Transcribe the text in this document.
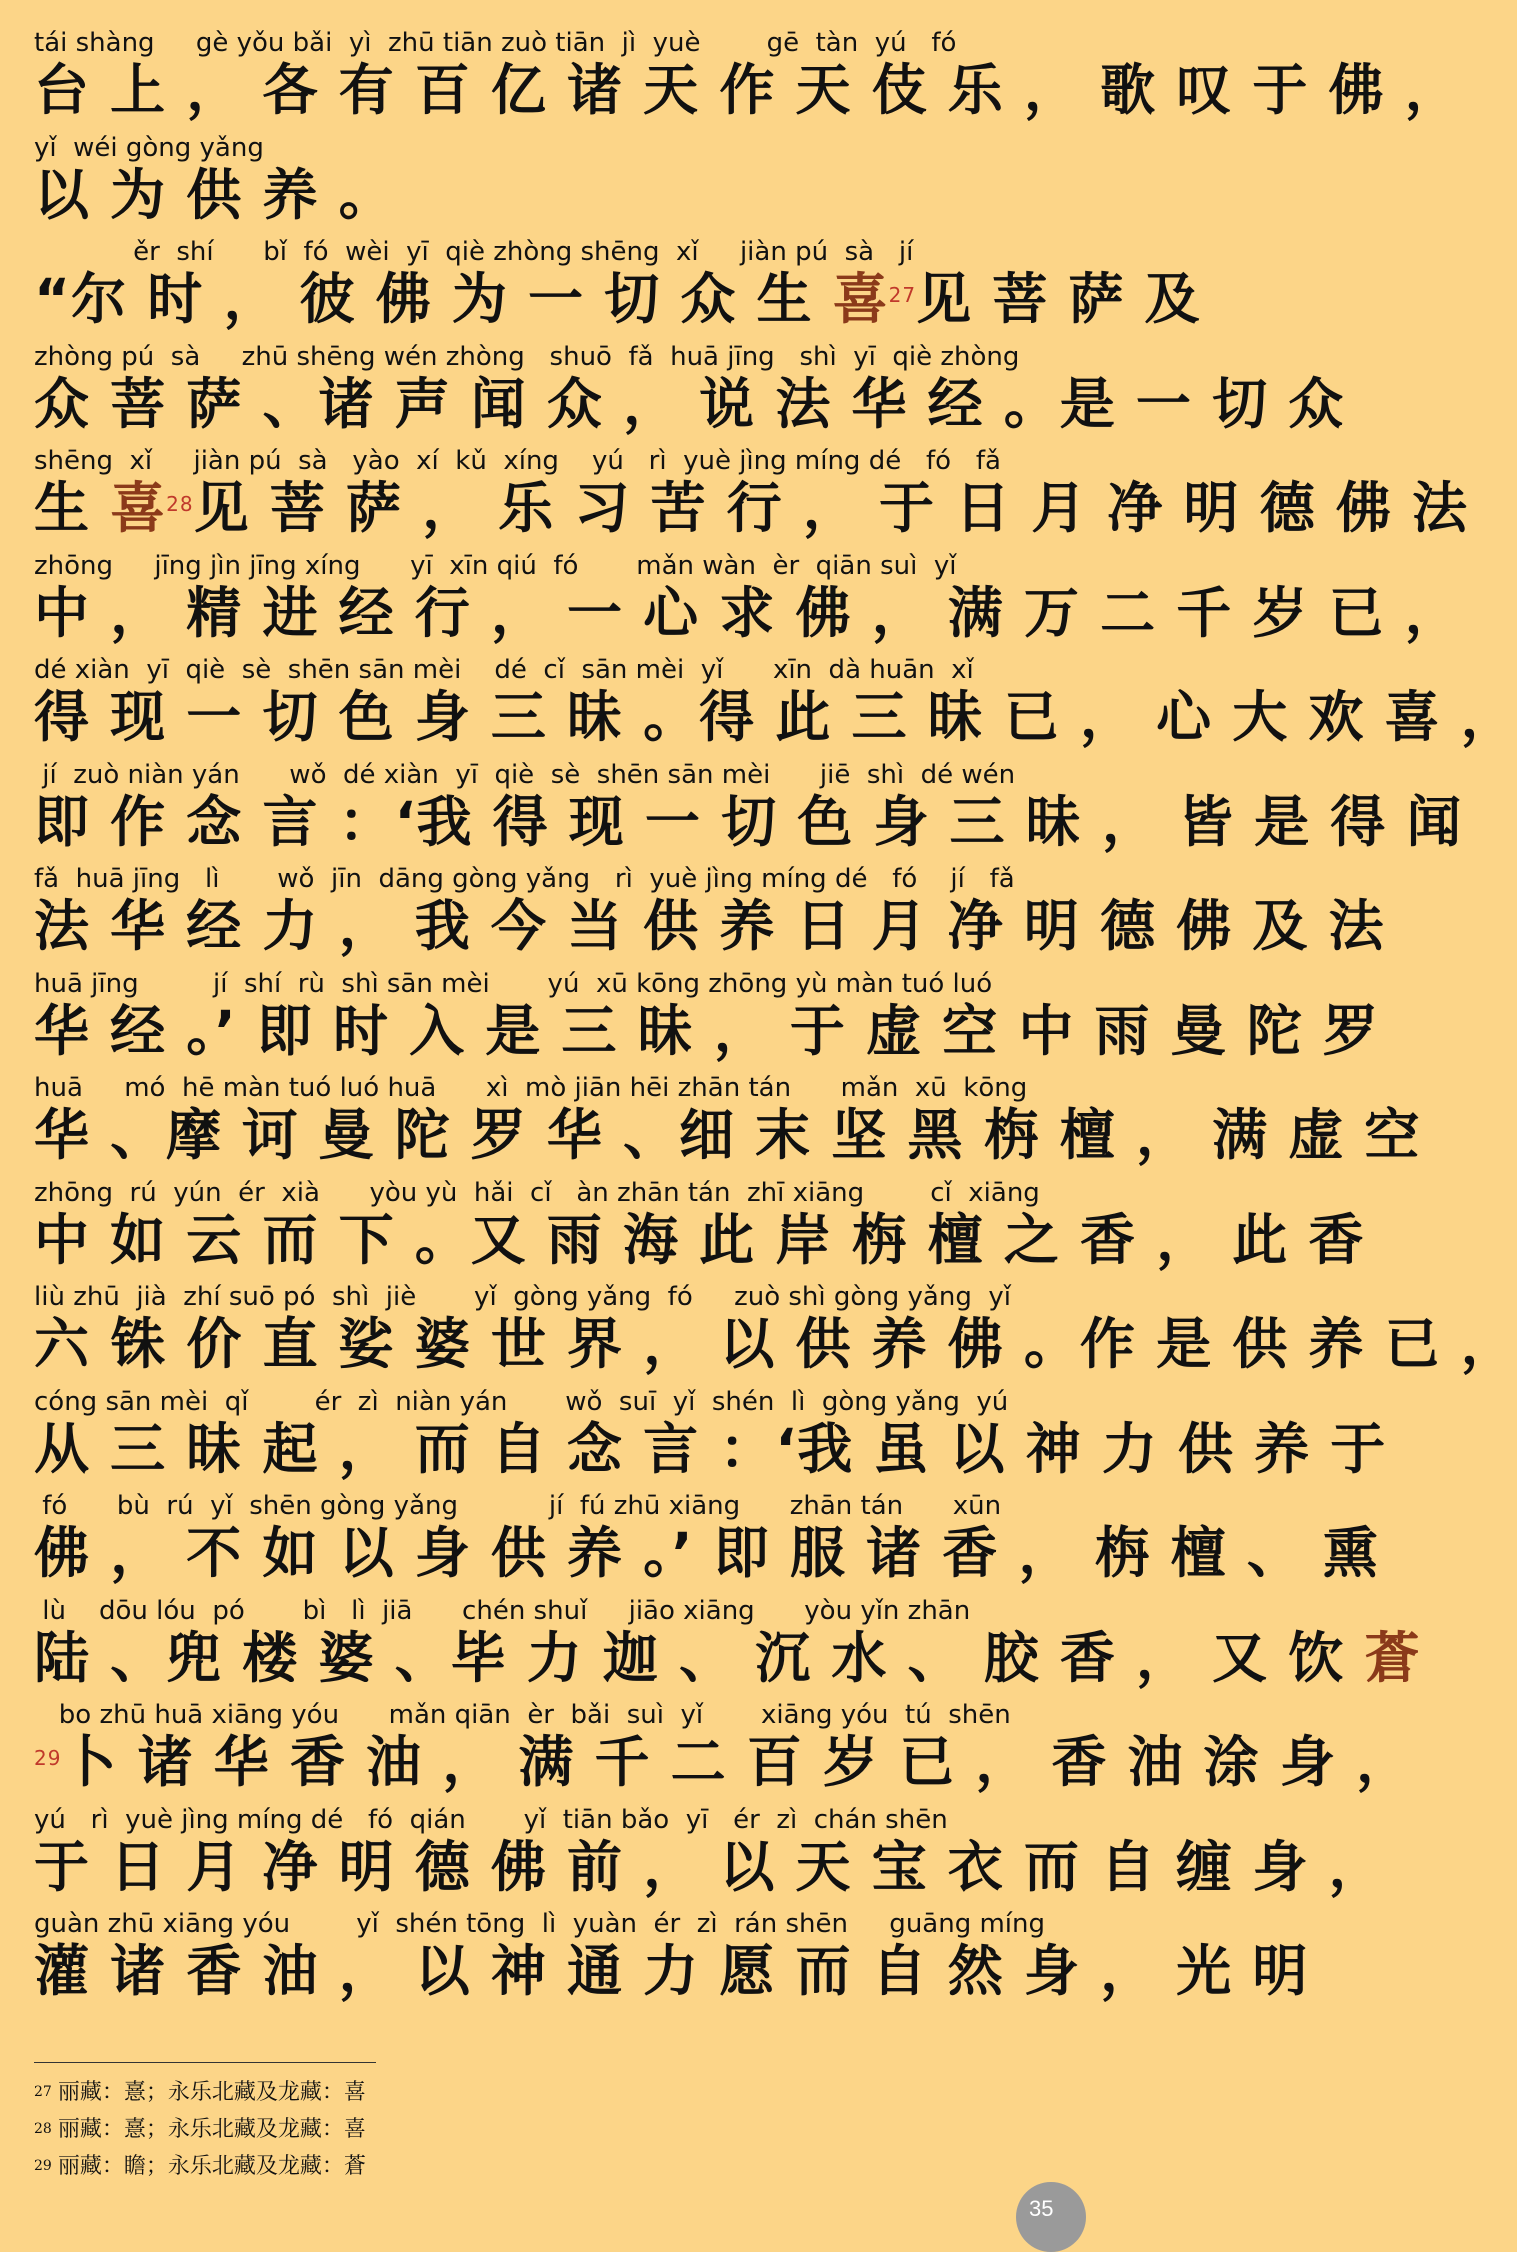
tái shàng     gè yǒu bǎi  yì  zhū tiān zuò tiān  jì  yuè        gē  tàn  yú   fó
台 上 ， 各 有 百 亿 诸 天 作 天 伎 乐 ， 歌 叹 于 佛 ，
yǐ  wéi gòng yǎng
以 为 供 养 。
ěr  shí      bǐ  fó  wèi  yī  qiè zhòng shēng  xǐ     jiàn pú  sà   jí
“尔 时 ， 彼 佛 为 一 切 众 生 喜$^{27}$见 菩 萨 及
zhòng pú  sà     zhū shēng wén zhòng   shuō  fǎ  huā jīng   shì  yī  qiè zhòng
众 菩 萨 、诸 声 闻 众 ， 说 法 华 经 。是 一 切 众
shēng  xǐ     jiàn pú  sà   yào  xí  kǔ  xíng    yú   rì  yuè jìng míng dé   fó   fǎ
生 喜$^{28}$见 菩 萨 ， 乐 习 苦 行 ， 于 日 月 净 明 德 佛 法
zhōng     jīng jìn jīng xíng      yī  xīn qiú  fó       mǎn wàn  èr  qiān suì  yǐ
中 ， 精 进 经 行 ， 一 心 求 佛 ， 满 万 二 千 岁 已 ，
dé xiàn  yī  qiè  sè  shēn sān mèi    dé  cǐ  sān mèi  yǐ      xīn  dà huān  xǐ
得 现 一 切 色 身 三 昧 。得 此 三 昧 已 ， 心 大 欢 喜 ，
jí  zuò niàn yán      wǒ  dé xiàn  yī  qiè  sè  shēn sān mèi      jiē  shì  dé wén
即 作 念 言 ：‘我 得 现 一 切 色 身 三 昧 ， 皆 是 得 闻
fǎ  huā jīng   lì       wǒ  jīn  dāng gòng yǎng   rì  yuè jìng míng dé   fó    jí   fǎ
法 华 经 力 ， 我 今 当 供 养 日 月 净 明 德 佛 及 法
huā jīng         jí  shí  rù  shì sān mèi       yú  xū kōng zhōng yù màn tuó luó
华 经 。’ 即 时 入 是 三 昧 ， 于 虚 空 中 雨 曼 陀 罗
huā     mó  hē màn tuó luó huā      xì  mò jiān hēi zhān tán      mǎn  xū  kōng
华 、摩 诃 曼 陀 罗 华 、细 末 坚 黑 栴 檀 ， 满 虚 空
zhōng  rú  yún  ér  xià      yòu yù  hǎi  cǐ   àn zhān tán  zhī xiāng        cǐ  xiāng
中 如 云 而 下 。又 雨 海 此 岸 栴 檀 之 香 ， 此 香
liù zhū  jià  zhí suō pó  shì  jiè       yǐ  gòng yǎng  fó     zuò shì gòng yǎng  yǐ
六 铢 价 直 娑 婆 世 界 ， 以 供 养 佛 。作 是 供 养 已 ，
cóng sān mèi  qǐ        ér  zì  niàn yán       wǒ  suī  yǐ  shén  lì  gòng yǎng  yú
从 三 昧 起 ， 而 自 念 言 ：‘我 虽 以 神 力 供 养 于
fó      bù  rú  yǐ  shēn gòng yǎng           jí  fú zhū xiāng      zhān tán      xūn
佛 ， 不 如 以 身 供 养 。’ 即 服 诸 香 ， 栴 檀 、 熏
lù    dōu lóu  pó       bì   lì  jiā      chén shuǐ     jiāo xiāng      yòu yǐn zhān
陆 、兜 楼 婆 、毕 力 迦 、 沉 水 、 胶 香 ， 又 饮 蒼
bo zhū huā xiāng yóu      mǎn qiān  èr  bǎi  suì  yǐ       xiāng yóu  tú  shēn
$^{29}$卜 诸 华 香 油 ， 满 千 二 百 岁 已 ， 香 油 涂 身 ，
yú   rì  yuè jìng míng dé   fó  qián       yǐ  tiān bǎo  yī   ér  zì  chán shēn
于 日 月 净 明 德 佛 前 ， 以 天 宝 衣 而 自 缠 身 ，
guàn zhū xiāng yóu        yǐ  shén tōng  lì  yuàn  ér  zì  rán shēn     guāng míng
灌 诸 香 油 ， 以 神 通 力 愿 而 自 然 身 ， 光 明
$^{27}$ 丽藏：憙；永乐北藏及龙藏：喜
$^{28}$ 丽藏：憙；永乐北藏及龙藏：喜
$^{29}$ 丽藏：瞻；永乐北藏及龙藏：蒼
35
